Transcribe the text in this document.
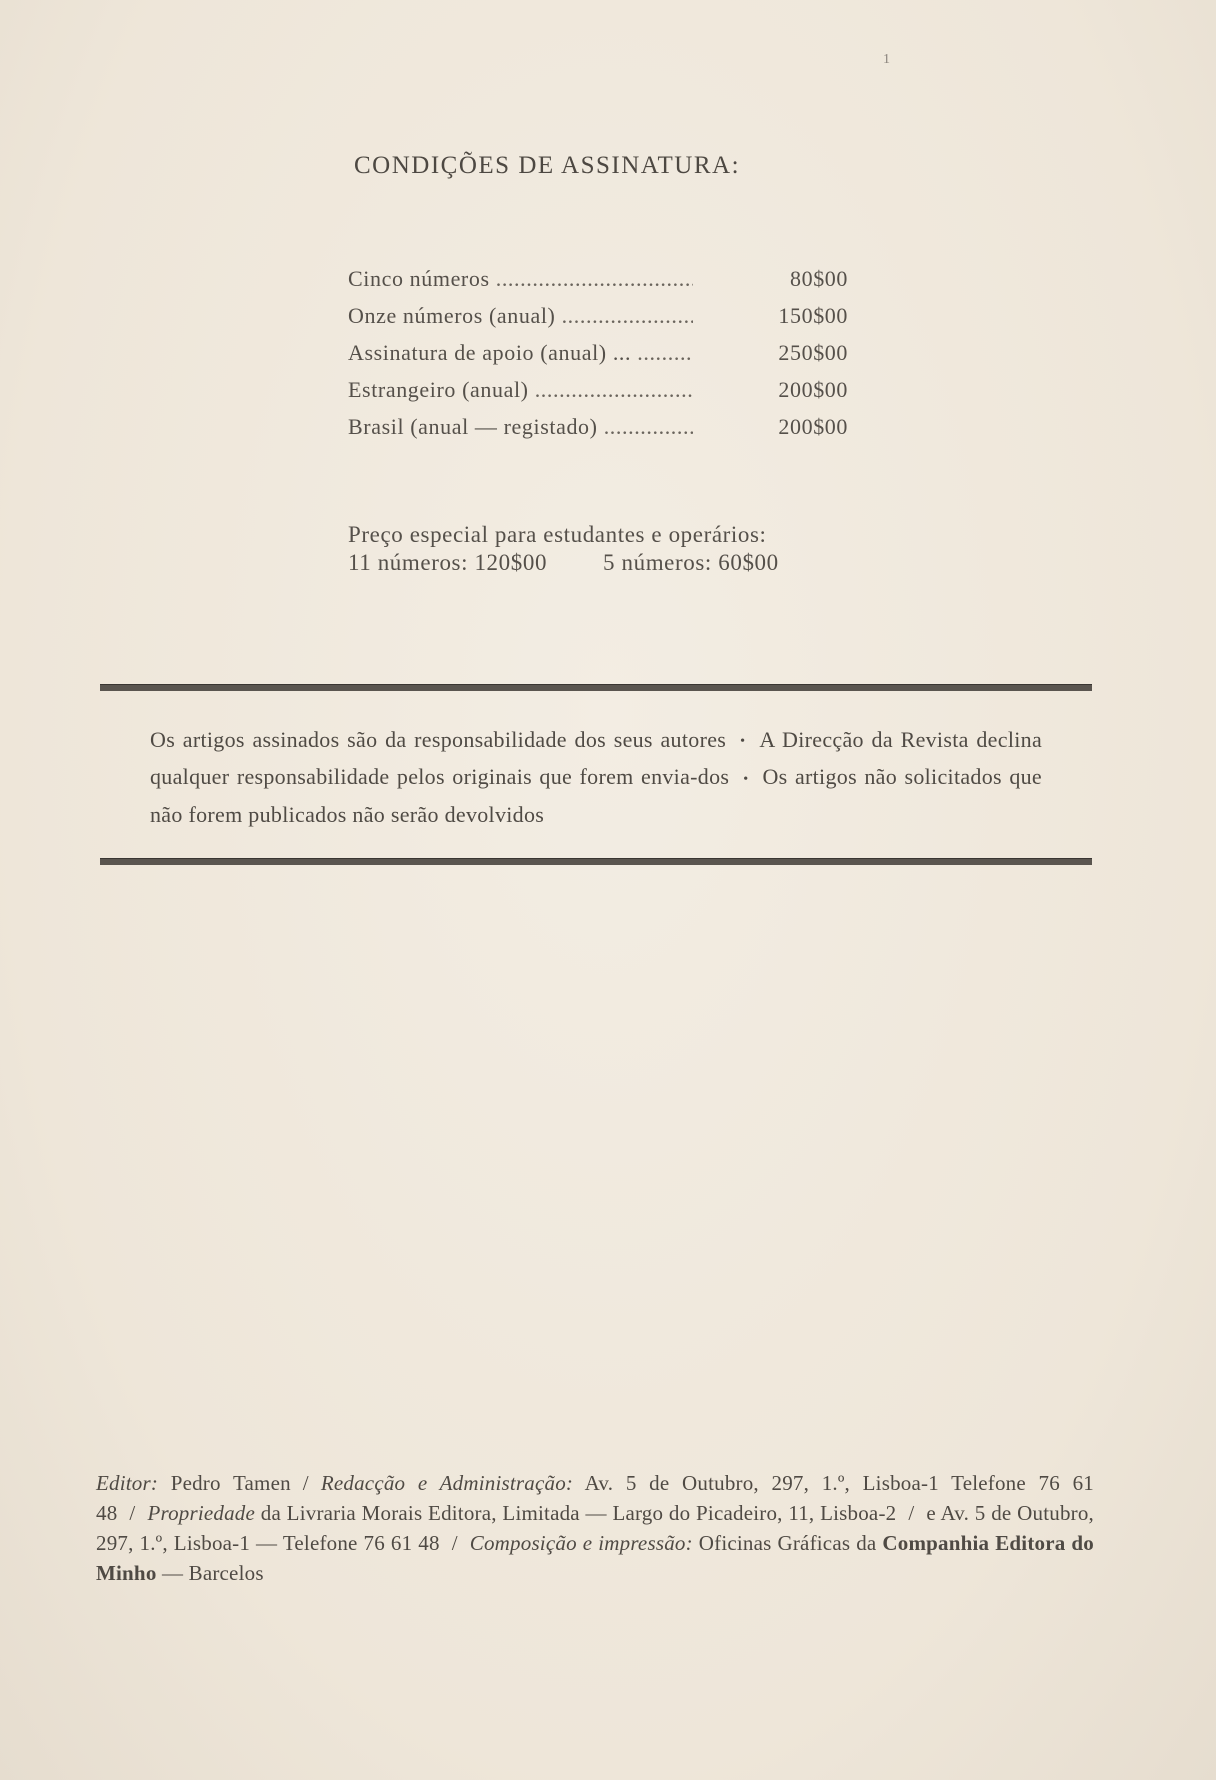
1
CONDIÇÕES DE ASSINATURA:
Cinco números .....	80$00
Onze números (anual) .....	150$00
Assinatura de apoio (anual) ... .....	250$00
Estrangeiro (anual) .....	200$00
Brasil (anual — registado) .....	200$00
Preço especial para estudantes e operários:
11 números: 120$00 5 números: 60$00
Os artigos assinados são da responsabilidade dos seus autores • A Direcção da Revista declina qualquer responsabilidade pelos originais que forem envia-dos • Os artigos não solicitados que não forem publicados não serão devolvidos
Editor: Pedro Tamen / Redacção e Administração: Av. 5 de Outubro, 297, 1.º, Lisboa-1 Telefone 76 61 48 / Propriedade da Livraria Morais Editora, Limitada — Largo do Picadeiro, 11, Lisboa-2 / e Av. 5 de Outubro, 297, 1.º, Lisboa-1 — Telefone 76 61 48 / Composição e impressão: Oficinas Gráficas da Companhia Editora do Minho — Barcelos
